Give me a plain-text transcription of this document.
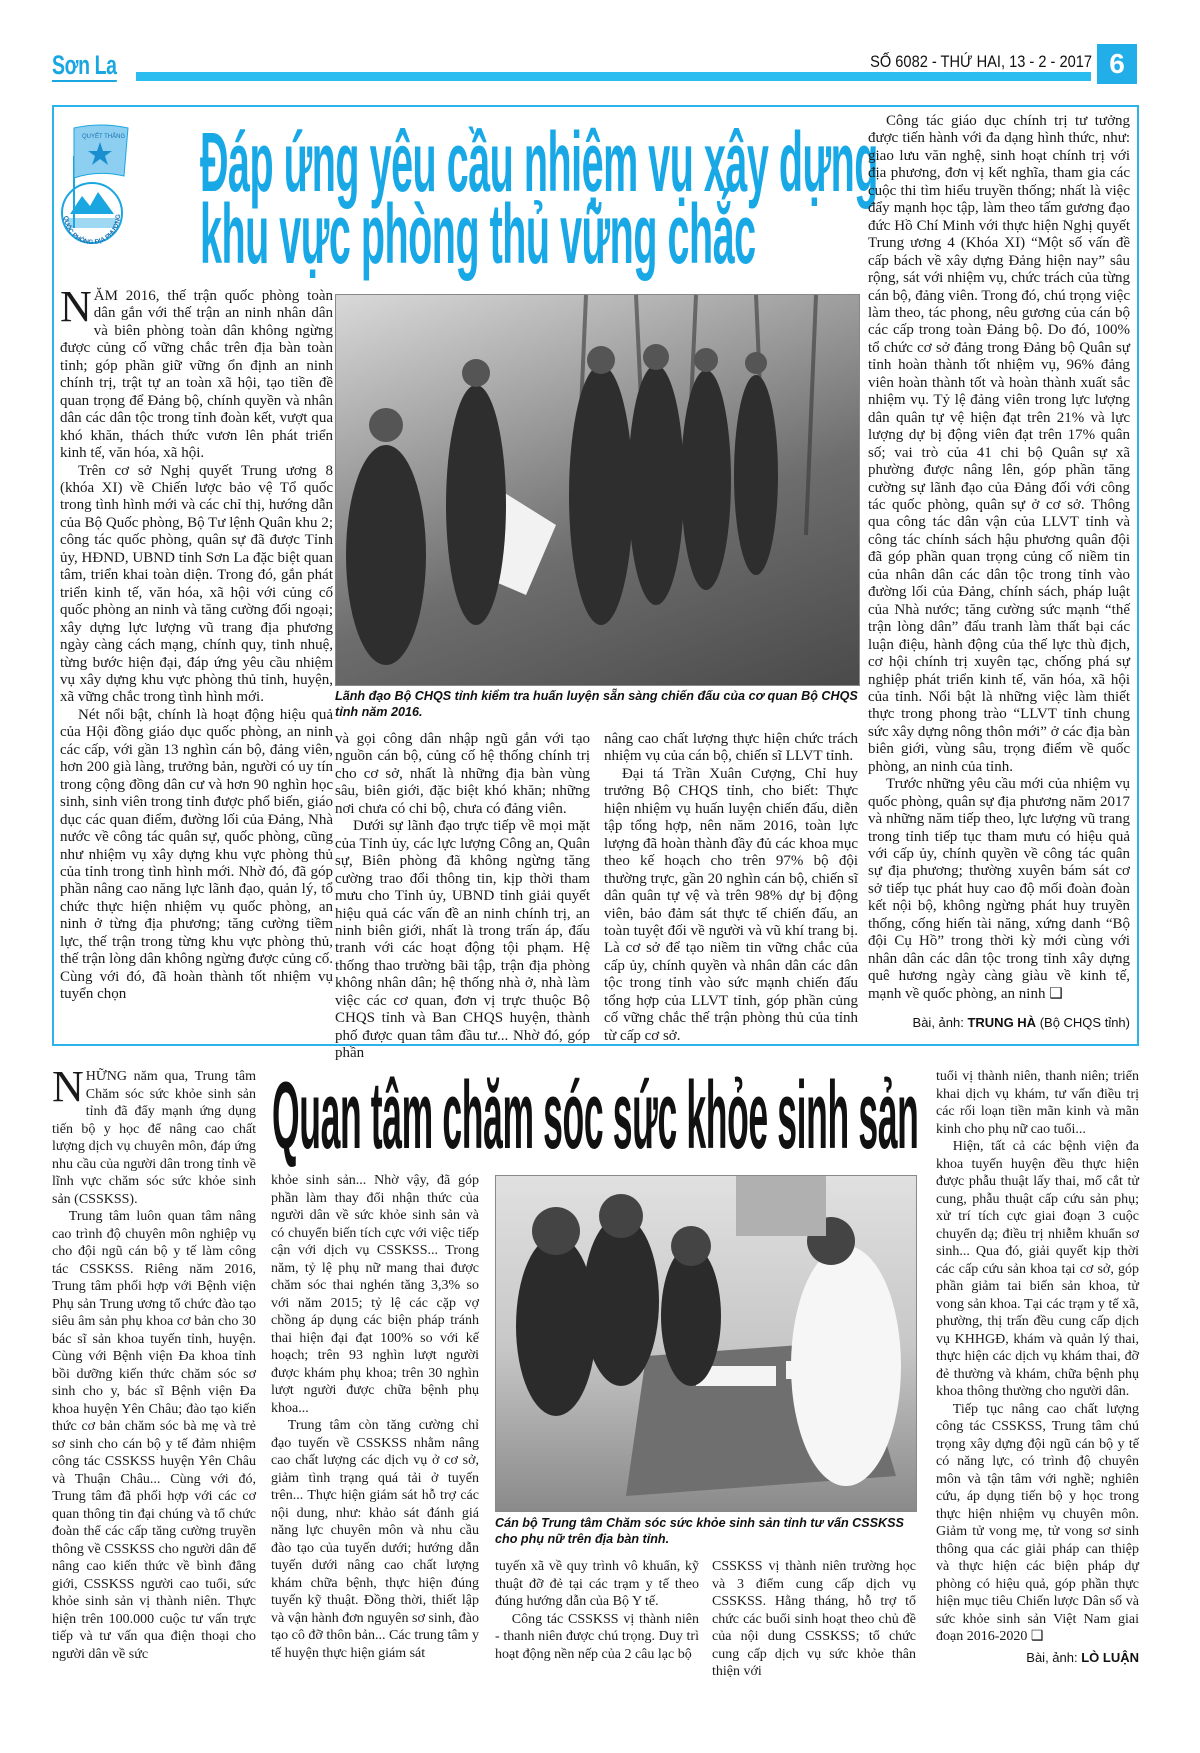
Sơn La	SỐ 6082 - THỨ HAI, 13 - 2 - 2017 6
QUYẾT THẮNG
QUỐC PHÒNG ĐỊA PHƯƠNG
Đáp ứng yêu cầu nhiệm vụ xây dựng
khu vực phòng thủ vững chắc

NĂM 2016, thế trận quốc phòng toàn dân gắn với thế trận an ninh nhân dân và biên phòng toàn dân không ngừng được củng cố vững chắc trên địa bàn toàn tỉnh; góp phần giữ vững ổn định an ninh chính trị, trật tự an toàn xã hội, tạo tiền đề quan trọng để Đảng bộ, chính quyền và nhân dân các dân tộc trong tỉnh đoàn kết, vượt qua khó khăn, thách thức vươn lên phát triển kinh tế, văn hóa, xã hội.

Trên cơ sở Nghị quyết Trung ương 8 (khóa XI) về Chiến lược bảo vệ Tổ quốc trong tình hình mới và các chỉ thị, hướng dẫn của Bộ Quốc phòng, Bộ Tư lệnh Quân khu 2; công tác quốc phòng, quân sự đã được Tỉnh ủy, HĐND, UBND tỉnh Sơn La đặc biệt quan tâm, triển khai toàn diện. Trong đó, gắn phát triển kinh tế, văn hóa, xã hội với củng cố quốc phòng an ninh và tăng cường đối ngoại; xây dựng lực lượng vũ trang địa phương ngày càng cách mạng, chính quy, tinh nhuệ, từng bước hiện đại, đáp ứng yêu cầu nhiệm vụ xây dựng khu vực phòng thủ tỉnh, huyện, xã vững chắc trong tình hình mới.

Nét nổi bật, chính là hoạt động hiệu quả của Hội đồng giáo dục quốc phòng, an ninh các cấp, với gần 13 nghìn cán bộ, đảng viên, hơn 200 già làng, trưởng bản, người có uy tín trong cộng đồng dân cư và hơn 90 nghìn học sinh, sinh viên trong tỉnh được phổ biến, giáo dục các quan điểm, đường lối của Đảng, Nhà nước về công tác quân sự, quốc phòng, cũng như nhiệm vụ xây dựng khu vực phòng thủ của tỉnh trong tình hình mới. Nhờ đó, đã góp phần nâng cao năng lực lãnh đạo, quản lý, tổ chức thực hiện nhiệm vụ quốc phòng, an ninh ở từng địa phương; tăng cường tiềm lực, thế trận trong từng khu vực phòng thủ, thế trận lòng dân không ngừng được củng cố. Cùng với đó, đã hoàn thành tốt nhiệm vụ tuyển chọn

Lãnh đạo Bộ CHQS tỉnh kiểm tra huấn luyện sẵn sàng chiến đấu của cơ quan Bộ CHQS tỉnh năm 2016.

và gọi công dân nhập ngũ gắn với tạo nguồn cán bộ, củng cố hệ thống chính trị cho cơ sở, nhất là những địa bàn vùng sâu, biên giới, đặc biệt khó khăn; những nơi chưa có chi bộ, chưa có đảng viên.

Dưới sự lãnh đạo trực tiếp về mọi mặt của Tỉnh ủy, các lực lượng Công an, Quân sự, Biên phòng đã không ngừng tăng cường trao đổi thông tin, kịp thời tham mưu cho Tỉnh ủy, UBND tỉnh giải quyết hiệu quả các vấn đề an ninh chính trị, an ninh biên giới, nhất là trong trấn áp, đấu tranh với các hoạt động tội phạm. Hệ thống thao trường bãi tập, trận địa phòng không nhân dân; hệ thống nhà ở, nhà làm việc các cơ quan, đơn vị trực thuộc Bộ CHQS tỉnh và Ban CHQS huyện, thành phố được quan tâm đầu tư... Nhờ đó, góp phần

nâng cao chất lượng thực hiện chức trách nhiệm vụ của cán bộ, chiến sĩ LLVT tỉnh.

Đại tá Trần Xuân Cượng, Chỉ huy trưởng Bộ CHQS tỉnh, cho biết: Thực hiện nhiệm vụ huấn luyện chiến đấu, diễn tập tổng hợp, nên năm 2016, toàn lực lượng đã hoàn thành đầy đủ các khoa mục theo kế hoạch cho trên 97% bộ đội thường trực, gần 20 nghìn cán bộ, chiến sĩ dân quân tự vệ và trên 98% dự bị động viên, bảo đảm sát thực tế chiến đấu, an toàn tuyệt đối về người và vũ khí trang bị. Là cơ sở để tạo niềm tin vững chắc của cấp ủy, chính quyền và nhân dân các dân tộc trong tỉnh vào sức mạnh chiến đấu tổng hợp của LLVT tỉnh, góp phần củng cố vững chắc thế trận phòng thủ của tỉnh từ cấp cơ sở.

Công tác giáo dục chính trị tư tưởng được tiến hành với đa dạng hình thức, như: giao lưu văn nghệ, sinh hoạt chính trị với địa phương, đơn vị kết nghĩa, tham gia các cuộc thi tìm hiểu truyền thống; nhất là việc đẩy mạnh học tập, làm theo tấm gương đạo đức Hồ Chí Minh với thực hiện Nghị quyết Trung ương 4 (Khóa XI) “Một số vấn đề cấp bách về xây dựng Đảng hiện nay” sâu rộng, sát với nhiệm vụ, chức trách của từng cán bộ, đảng viên. Trong đó, chú trọng việc làm theo, tác phong, nêu gương của cán bộ các cấp trong toàn Đảng bộ. Do đó, 100% tổ chức cơ sở đảng trong Đảng bộ Quân sự tỉnh hoàn thành tốt nhiệm vụ, 96% đảng viên hoàn thành tốt và hoàn thành xuất sắc nhiệm vụ. Tỷ lệ đảng viên trong lực lượng dân quân tự vệ hiện đạt trên 21% và lực lượng dự bị động viên đạt trên 17% quân số; vai trò của 41 chi bộ Quân sự xã phường được nâng lên, góp phần tăng cường sự lãnh đạo của Đảng đối với công tác quốc phòng, quân sự ở cơ sở. Thông qua công tác dân vận của LLVT tỉnh và công tác chính sách hậu phương quân đội đã góp phần quan trọng củng cố niềm tin của nhân dân các dân tộc trong tỉnh vào đường lối của Đảng, chính sách, pháp luật của Nhà nước; tăng cường sức mạnh “thế trận lòng dân” đấu tranh làm thất bại các luận điệu, hành động của thế lực thù địch, cơ hội chính trị xuyên tạc, chống phá sự nghiệp phát triển kinh tế, văn hóa, xã hội của tỉnh. Nổi bật là những việc làm thiết thực trong phong trào “LLVT tỉnh chung sức xây dựng nông thôn mới” ở các địa bàn biên giới, vùng sâu, trọng điểm về quốc phòng, an ninh của tỉnh.

Trước những yêu cầu mới của nhiệm vụ quốc phòng, quân sự địa phương năm 2017 và những năm tiếp theo, lực lượng vũ trang trong tỉnh tiếp tục tham mưu có hiệu quả với cấp ủy, chính quyền về công tác quân sự địa phương; thường xuyên bám sát cơ sở tiếp tục phát huy cao độ mối đoàn đoàn kết nội bộ, không ngừng phát huy truyền thống, cống hiến tài năng, xứng danh “Bộ đội Cụ Hồ” trong thời kỳ mới cùng với nhân dân các dân tộc trong tỉnh xây dựng quê hương ngày càng giàu về kinh tế, mạnh về quốc phòng, an ninh ❑

Bài, ảnh: TRUNG HÀ (Bộ CHQS tỉnh)
Quan tâm chăm sóc sức khỏe sinh sản

NHỮNG năm qua, Trung tâm Chăm sóc sức khỏe sinh sản tỉnh đã đẩy mạnh ứng dụng tiến bộ y học để nâng cao chất lượng dịch vụ chuyên môn, đáp ứng nhu cầu của người dân trong tỉnh về lĩnh vực chăm sóc sức khỏe sinh sản (CSSKSS).

Trung tâm luôn quan tâm nâng cao trình độ chuyên môn nghiệp vụ cho đội ngũ cán bộ y tế làm công tác CSSKSS. Riêng năm 2016, Trung tâm phối hợp với Bệnh viện Phụ sản Trung ương tổ chức đào tạo siêu âm sản phụ khoa cơ bản cho 30 bác sĩ sản khoa tuyến tỉnh, huyện. Cùng với Bệnh viện Đa khoa tỉnh bồi dưỡng kiến thức chăm sóc sơ sinh cho y, bác sĩ Bệnh viện Đa khoa huyện Yên Châu; đào tạo kiến thức cơ bản chăm sóc bà mẹ và trẻ sơ sinh cho cán bộ y tế đảm nhiệm công tác CSSKSS huyện Yên Châu và Thuận Châu... Cùng với đó, Trung tâm đã phối hợp với các cơ quan thông tin đại chúng và tổ chức đoàn thể các cấp tăng cường truyền thông về CSSKSS cho người dân để nâng cao kiến thức về bình đẳng giới, CSSKSS người cao tuổi, sức khỏe sinh sản vị thành niên. Thực hiện trên 100.000 cuộc tư vấn trực tiếp và tư vấn qua điện thoại cho người dân về sức

khỏe sinh sản... Nhờ vậy, đã góp phần làm thay đổi nhận thức của người dân về sức khỏe sinh sản và có chuyển biến tích cực với việc tiếp cận với dịch vụ CSSKSS... Trong năm, tỷ lệ phụ nữ mang thai được chăm sóc thai nghén tăng 3,3% so với năm 2015; tỷ lệ các cặp vợ chồng áp dụng các biện pháp tránh thai hiện đại đạt 100% so với kế hoạch; trên 93 nghìn lượt người được khám phụ khoa; trên 30 nghìn lượt người được chữa bệnh phụ khoa...

Trung tâm còn tăng cường chỉ đạo tuyến về CSSKSS nhằm nâng cao chất lượng các dịch vụ ở cơ sở, giảm tình trạng quá tải ở tuyến trên... Thực hiện giám sát hỗ trợ các nội dung, như: khảo sát đánh giá năng lực chuyên môn và nhu cầu đào tạo của tuyến dưới; hướng dẫn tuyến dưới nâng cao chất lượng khám chữa bệnh, thực hiện đúng tuyến kỹ thuật. Đồng thời, thiết lập và vận hành đơn nguyên sơ sinh, đào tạo cô đỡ thôn bản... Các trung tâm y tế huyện thực hiện giám sát

Cán bộ Trung tâm Chăm sóc sức khỏe sinh sản tỉnh tư vấn CSSKSS cho phụ nữ trên địa bàn tỉnh.

tuyến xã về quy trình vô khuẩn, kỹ thuật đỡ đẻ tại các trạm y tế theo đúng hướng dẫn của Bộ Y tế.

Công tác CSSKSS vị thành niên - thanh niên được chú trọng. Duy trì hoạt động nền nếp của 2 câu lạc bộ

CSSKSS vị thành niên trường học và 3 điểm cung cấp dịch vụ CSSKSS. Hằng tháng, hỗ trợ tổ chức các buổi sinh hoạt theo chủ đề của nội dung CSSKSS; tổ chức cung cấp dịch vụ sức khỏe thân thiện với

tuổi vị thành niên, thanh niên; triển khai dịch vụ khám, tư vấn điều trị các rối loạn tiền mãn kinh và mãn kinh cho phụ nữ cao tuổi...

Hiện, tất cả các bệnh viện đa khoa tuyến huyện đều thực hiện được phẫu thuật lấy thai, mổ cắt tử cung, phẫu thuật cấp cứu sản phụ; xử trí tích cực giai đoạn 3 cuộc chuyển dạ; điều trị nhiễm khuẩn sơ sinh... Qua đó, giải quyết kịp thời các cấp cứu sản khoa tại cơ sở, góp phần giảm tai biến sản khoa, tử vong sản khoa. Tại các trạm y tế xã, phường, thị trấn đều cung cấp dịch vụ KHHGĐ, khám và quản lý thai, thực hiện các dịch vụ khám thai, đỡ đẻ thường và khám, chữa bệnh phụ khoa thông thường cho người dân.

Tiếp tục nâng cao chất lượng công tác CSSKSS, Trung tâm chú trọng xây dựng đội ngũ cán bộ y tế có năng lực, có trình độ chuyên môn và tận tâm với nghề; nghiên cứu, áp dụng tiến bộ y học trong thực hiện nhiệm vụ chuyên môn. Giảm tử vong mẹ, tử vong sơ sinh thông qua các giải pháp can thiệp và thực hiện các biện pháp dự phòng có hiệu quả, góp phần thực hiện mục tiêu Chiến lược Dân số và sức khỏe sinh sản Việt Nam giai đoạn 2016-2020 ❑

Bài, ảnh: LÒ LUẬN
